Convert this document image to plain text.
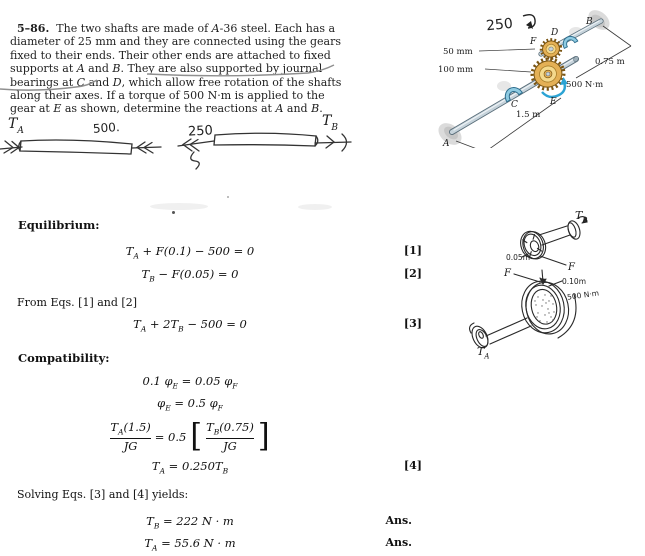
5–86. The two shafts are made of A-36 steel. Each has a
diameter of 25 mm and they are connected using the gears
fixed to their ends. Their other ends are attached to fixed
supports at A and B. They are also supported by journal
bearings at C and D, which allow free rotation of the shafts
along their axes. If a torque of 500 N·m is applied to the
gear at E as shown, determine the reactions at A and B.

B
D
F
C	E
A
50 mm
100 mm
0.75 m
1.5 m
500 N·m
250
$T_A$	500.	250
$T_B$
$T_B$
0.05m
F
F
0.10m
500 N·m
$T_A$
Equilibrium:
$T_A + F(0.1) - 500 = 0$	[1]
$T_B - F(0.05) = 0$	[2]
From Eqs. [1] and [2]
$T_A + 2T_B - 500 = 0$	[3]
Compatibility:
0.1 $\varphi_E = 0.05$ $\varphi_F$
$\varphi_E = 0.5$ $\varphi_F$
$\frac{T_A(1.5)}{JG} = 0.5$ [ $\frac{T_B(0.75)}{JG}$ ]
$T_A = 0.250T_B$	[4]
Solving Eqs. [3] and [4] yields:
$T_B = 222$ N · m	Ans.
$T_A = 55.6$ N · m	Ans.
